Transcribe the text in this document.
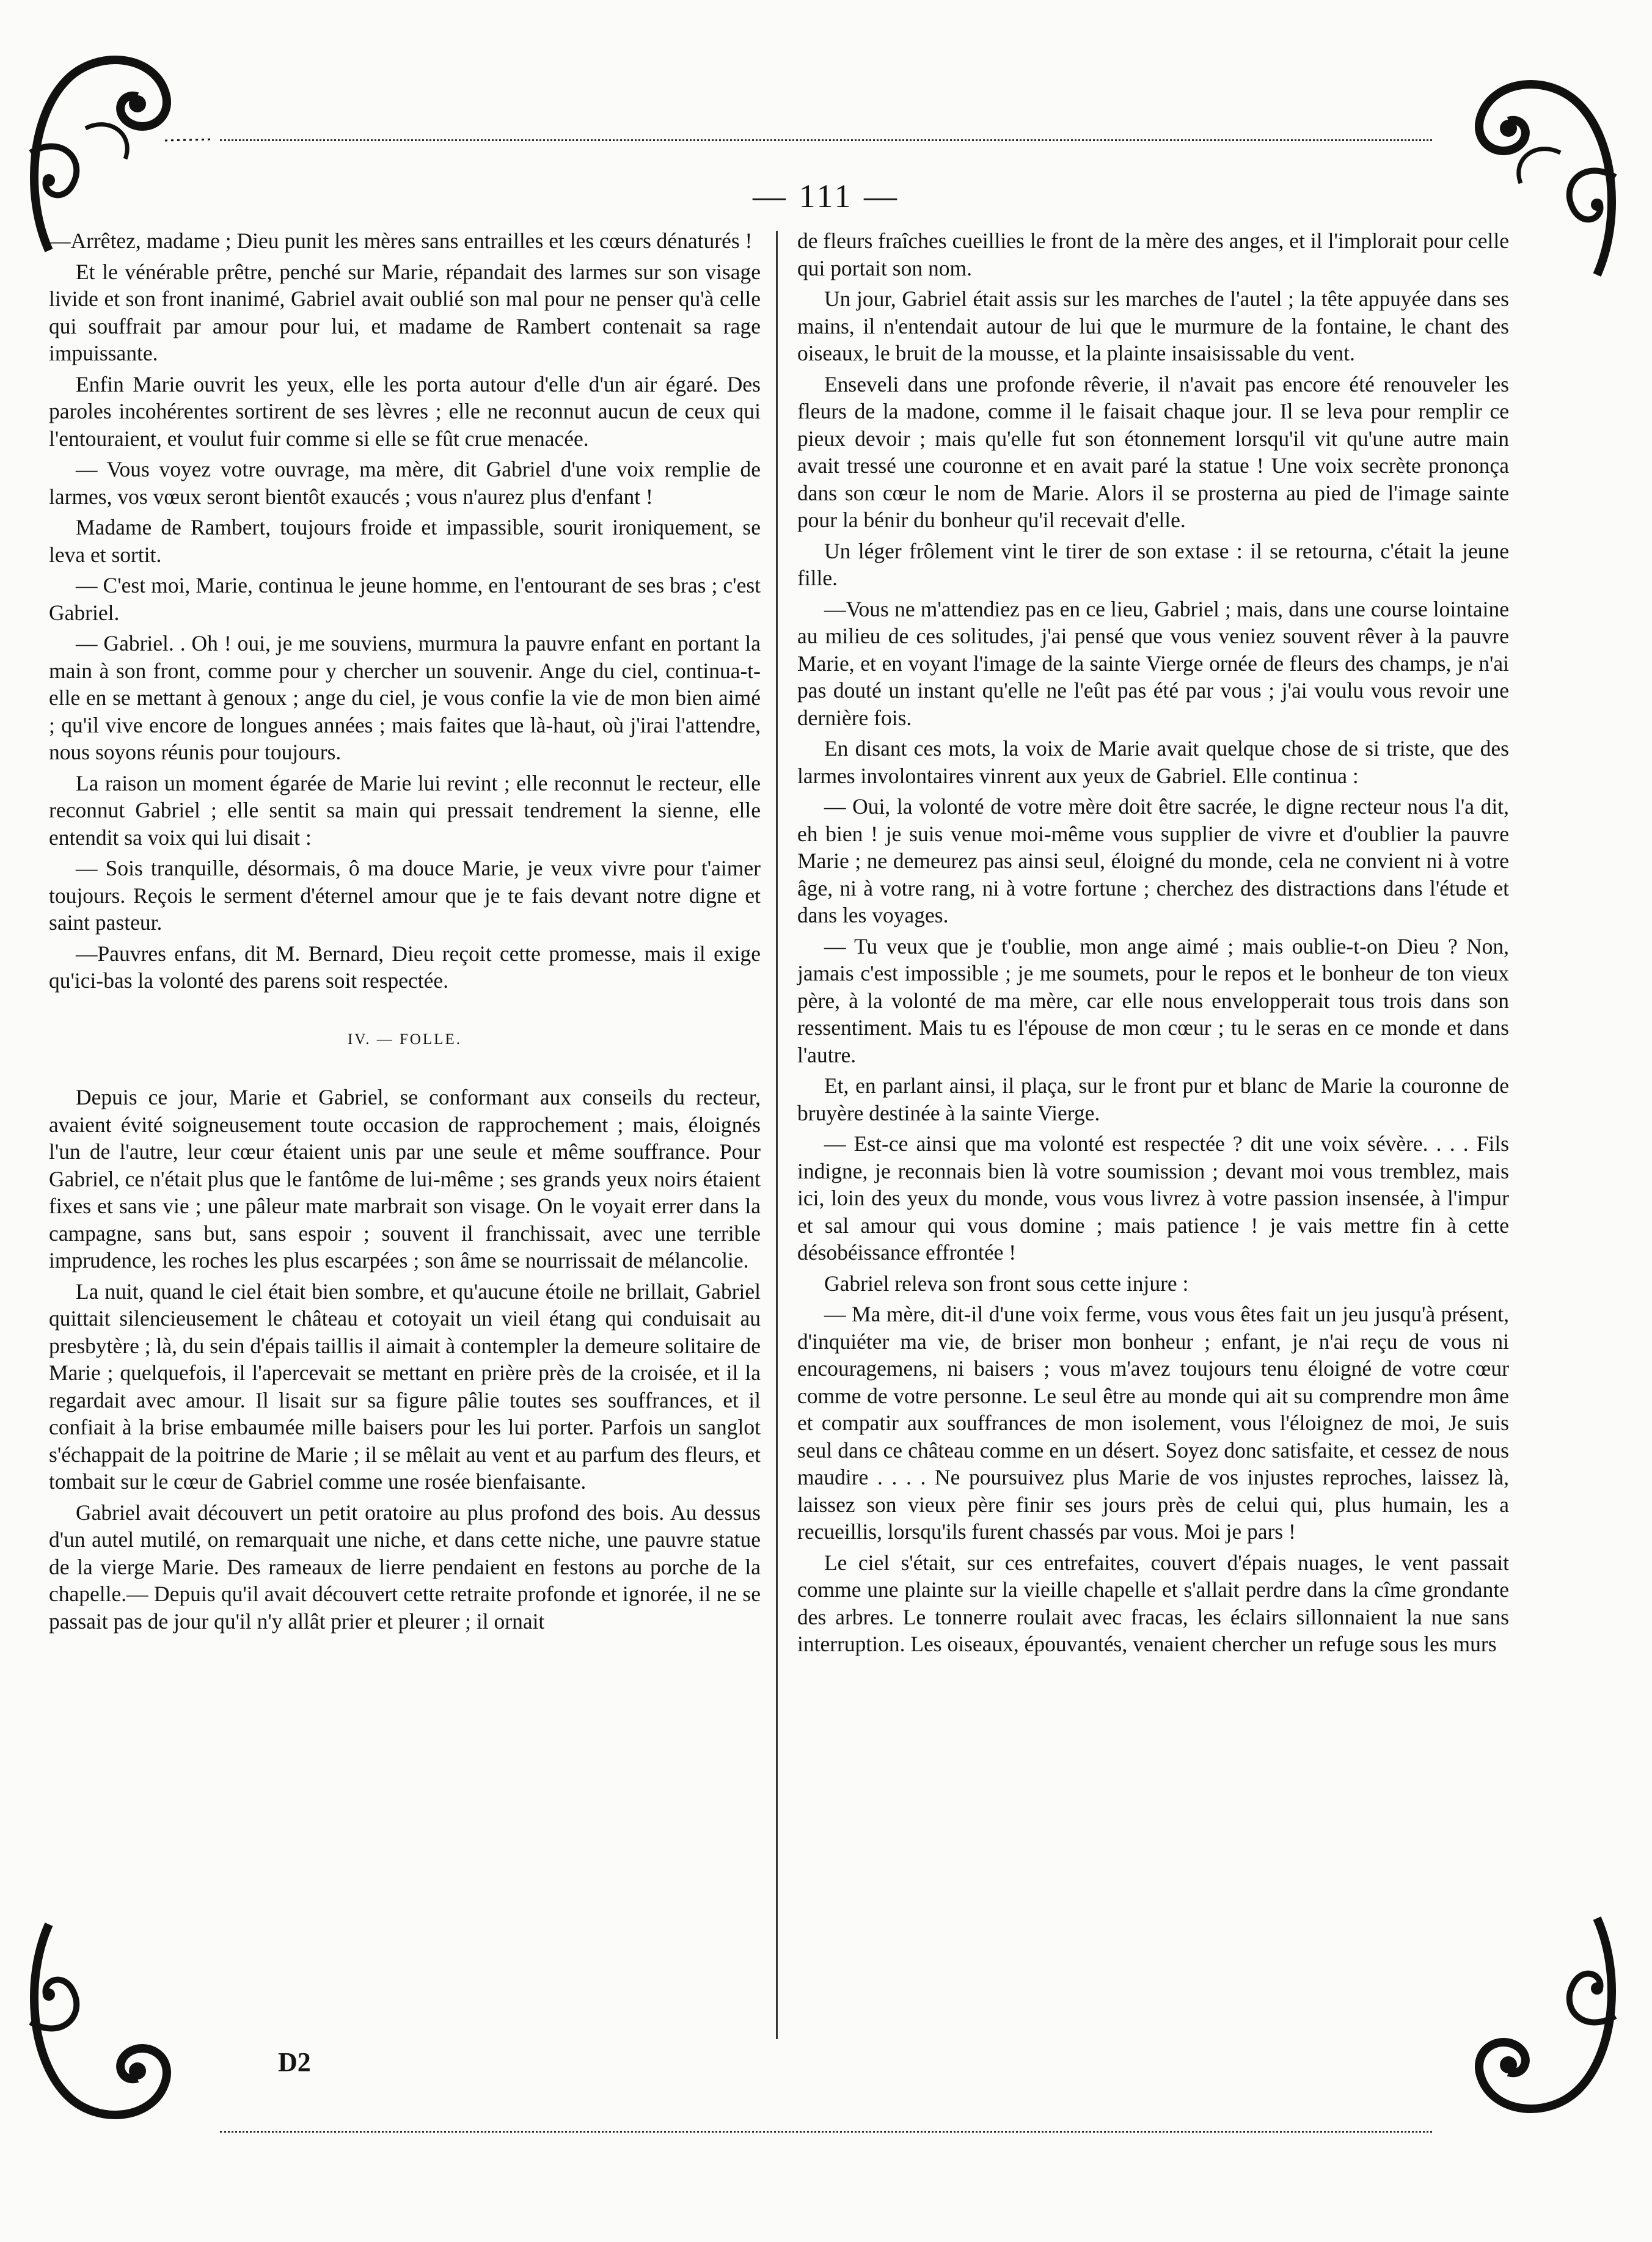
— 111 —

—Arrêtez, madame ; Dieu punit les mères sans entrailles et les cœurs dénaturés !

Et le vénérable prêtre, penché sur Marie, répandait des larmes sur son visage livide et son front inanimé, Gabriel avait oublié son mal pour ne penser qu'à celle qui souffrait par amour pour lui, et madame de Rambert contenait sa rage impuissante.

Enfin Marie ouvrit les yeux, elle les porta autour d'elle d'un air égaré. Des paroles incohérentes sortirent de ses lèvres ; elle ne reconnut aucun de ceux qui l'entouraient, et voulut fuir comme si elle se fût crue menacée.

— Vous voyez votre ouvrage, ma mère, dit Gabriel d'une voix remplie de larmes, vos vœux seront bientôt exaucés ; vous n'aurez plus d'enfant !

Madame de Rambert, toujours froide et impassible, sourit ironiquement, se leva et sortit.

— C'est moi, Marie, continua le jeune homme, en l'entourant de ses bras ; c'est Gabriel.

— Gabriel. . Oh ! oui, je me souviens, murmura la pauvre enfant en portant la main à son front, comme pour y chercher un souvenir. Ange du ciel, continua-t-elle en se mettant à genoux ; ange du ciel, je vous confie la vie de mon bien aimé ; qu'il vive encore de longues années ; mais faites que là-haut, où j'irai l'attendre, nous soyons réunis pour toujours.

La raison un moment égarée de Marie lui revint ; elle reconnut le recteur, elle reconnut Gabriel ; elle sentit sa main qui pressait tendrement la sienne, elle entendit sa voix qui lui disait :

— Sois tranquille, désormais, ô ma douce Marie, je veux vivre pour t'aimer toujours. Reçois le serment d'éternel amour que je te fais devant notre digne et saint pasteur.

—Pauvres enfans, dit M. Bernard, Dieu reçoit cette promesse, mais il exige qu'ici-bas la volonté des parens soit respectée.

IV. — FOLLE.

Depuis ce jour, Marie et Gabriel, se conformant aux conseils du recteur, avaient évité soigneusement toute occasion de rapprochement ; mais, éloignés l'un de l'autre, leur cœur étaient unis par une seule et même souffrance. Pour Gabriel, ce n'était plus que le fantôme de lui-même ; ses grands yeux noirs étaient fixes et sans vie ; une pâleur mate marbrait son visage. On le voyait errer dans la campagne, sans but, sans espoir ; souvent il franchissait, avec une terrible imprudence, les roches les plus escarpées ; son âme se nourrissait de mélancolie.

La nuit, quand le ciel était bien sombre, et qu'aucune étoile ne brillait, Gabriel quittait silencieusement le château et cotoyait un vieil étang qui conduisait au presbytère ; là, du sein d'épais taillis il aimait à contempler la demeure solitaire de Marie ; quelquefois, il l'apercevait se mettant en prière près de la croisée, et il la regardait avec amour. Il lisait sur sa figure pâlie toutes ses souffrances, et il confiait à la brise embaumée mille baisers pour les lui porter. Parfois un sanglot s'échappait de la poitrine de Marie ; il se mêlait au vent et au parfum des fleurs, et tombait sur le cœur de Gabriel comme une rosée bienfaisante.

Gabriel avait découvert un petit oratoire au plus profond des bois. Au dessus d'un autel mutilé, on remarquait une niche, et dans cette niche, une pauvre statue de la vierge Marie. Des rameaux de lierre pendaient en festons au porche de la chapelle.— Depuis qu'il avait découvert cette retraite profonde et ignorée, il ne se passait pas de jour qu'il n'y allât prier et pleurer ; il ornait

D2

de fleurs fraîches cueillies le front de la mère des anges, et il l'implorait pour celle qui portait son nom.

Un jour, Gabriel était assis sur les marches de l'autel ; la tête appuyée dans ses mains, il n'entendait autour de lui que le murmure de la fontaine, le chant des oiseaux, le bruit de la mousse, et la plainte insaisissable du vent.

Enseveli dans une profonde rêverie, il n'avait pas encore été renouveler les fleurs de la madone, comme il le faisait chaque jour. Il se leva pour remplir ce pieux devoir ; mais qu'elle fut son étonnement lorsqu'il vit qu'une autre main avait tressé une couronne et en avait paré la statue ! Une voix secrète prononça dans son cœur le nom de Marie. Alors il se prosterna au pied de l'image sainte pour la bénir du bonheur qu'il recevait d'elle.

Un léger frôlement vint le tirer de son extase : il se retourna, c'était la jeune fille.

—Vous ne m'attendiez pas en ce lieu, Gabriel ; mais, dans une course lointaine au milieu de ces solitudes, j'ai pensé que vous veniez souvent rêver à la pauvre Marie, et en voyant l'image de la sainte Vierge ornée de fleurs des champs, je n'ai pas douté un instant qu'elle ne l'eût pas été par vous ; j'ai voulu vous revoir une dernière fois.

En disant ces mots, la voix de Marie avait quelque chose de si triste, que des larmes involontaires vinrent aux yeux de Gabriel. Elle continua :

— Oui, la volonté de votre mère doit être sacrée, le digne recteur nous l'a dit, eh bien ! je suis venue moi-même vous supplier de vivre et d'oublier la pauvre Marie ; ne demeurez pas ainsi seul, éloigné du monde, cela ne convient ni à votre âge, ni à votre rang, ni à votre fortune ; cherchez des distractions dans l'étude et dans les voyages.

— Tu veux que je t'oublie, mon ange aimé ; mais oublie-t-on Dieu ? Non, jamais c'est impossible ; je me soumets, pour le repos et le bonheur de ton vieux père, à la volonté de ma mère, car elle nous envelopperait tous trois dans son ressentiment. Mais tu es l'épouse de mon cœur ; tu le seras en ce monde et dans l'autre.

Et, en parlant ainsi, il plaça, sur le front pur et blanc de Marie la couronne de bruyère destinée à la sainte Vierge.

— Est-ce ainsi que ma volonté est respectée ? dit une voix sévère. . . . Fils indigne, je reconnais bien là votre soumission ; devant moi vous tremblez, mais ici, loin des yeux du monde, vous vous livrez à votre passion insensée, à l'impur et sal amour qui vous domine ; mais patience ! je vais mettre fin à cette désobéissance effrontée !

Gabriel releva son front sous cette injure :

— Ma mère, dit-il d'une voix ferme, vous vous êtes fait un jeu jusqu'à présent, d'inquiéter ma vie, de briser mon bonheur ; enfant, je n'ai reçu de vous ni encouragemens, ni baisers ; vous m'avez toujours tenu éloigné de votre cœur comme de votre personne. Le seul être au monde qui ait su comprendre mon âme et compatir aux souffrances de mon isolement, vous l'éloignez de moi, Je suis seul dans ce château comme en un désert. Soyez donc satisfaite, et cessez de nous maudire . . . . Ne poursuivez plus Marie de vos injustes reproches, laissez là, laissez son vieux père finir ses jours près de celui qui, plus humain, les a recueillis, lorsqu'ils furent chassés par vous. Moi je pars !

Le ciel s'était, sur ces entrefaites, couvert d'épais nuages, le vent passait comme une plainte sur la vieille chapelle et s'allait perdre dans la cîme grondante des arbres. Le tonnerre roulait avec fracas, les éclairs sillonnaient la nue sans interruption. Les oiseaux, épouvantés, venaient chercher un refuge sous les murs
